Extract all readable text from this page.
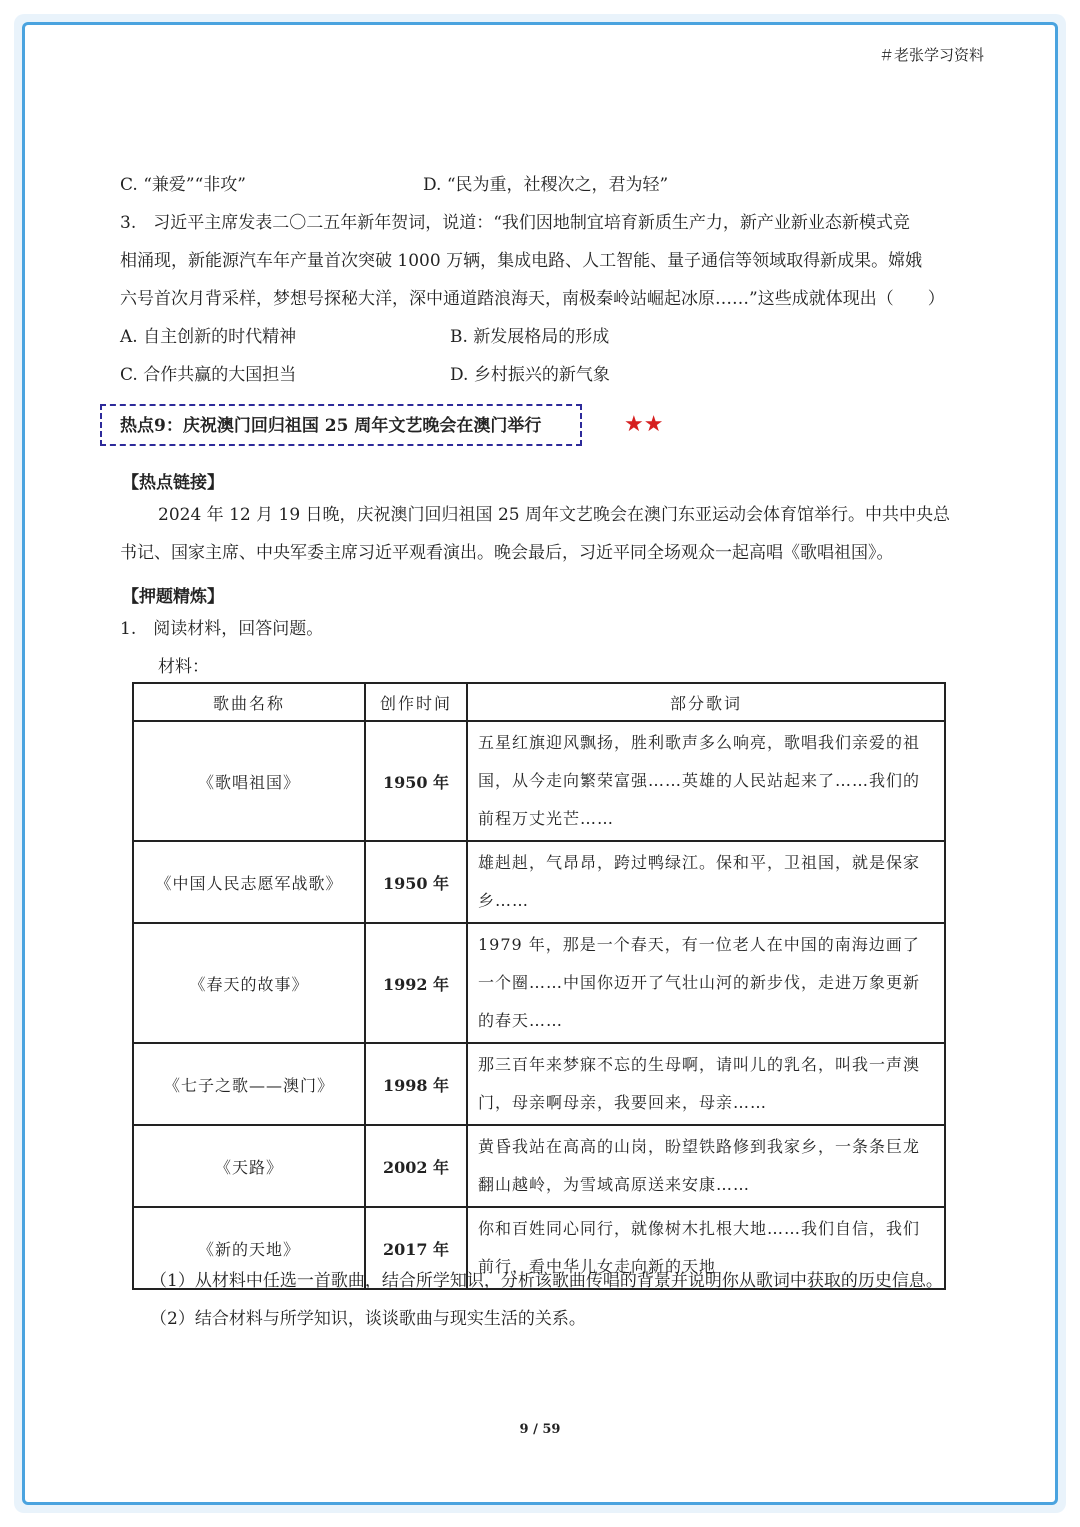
＃老张学习资料
C. “兼爱”“非攻”	D. “民为重，社稷次之，君为轻”
3.　习近平主席发表二〇二五年新年贺词，说道：“我们因地制宜培育新质生产力，新产业新业态新模式竞
相涌现，新能源汽车年产量首次突破 1000 万辆，集成电路、人工智能、量子通信等领域取得新成果。嫦娥
六号首次月背采样，梦想号探秘大洋，深中通道踏浪海天，南极秦岭站崛起冰原……”这些成就体现出（　　）
A. 自主创新的时代精神	B. 新发展格局的形成
C. 合作共赢的大国担当	D. 乡村振兴的新气象
热点9：庆祝澳门回归祖国 25 周年文艺晚会在澳门举行	★★
【热点链接】
2024 年 12 月 19 日晚，庆祝澳门回归祖国 25 周年文艺晚会在澳门东亚运动会体育馆举行。中共中央总
书记、国家主席、中央军委主席习近平观看演出。晚会最后，习近平同全场观众一起高唱《歌唱祖国》。
【押题精炼】
1.　阅读材料，回答问题。
材料：
歌曲名称	创作时间	部分歌词
《歌唱祖国》	1950 年	五星红旗迎风飘扬，胜利歌声多么响亮，歌唱我们亲爱的祖国，从今走向繁荣富强……英雄的人民站起来了……我们的前程万丈光芒……
《中国人民志愿军战歌》	1950 年	雄赳赳，气昂昂，跨过鸭绿江。保和平，卫祖国，就是保家乡……
《春天的故事》	1992 年	1979 年，那是一个春天，有一位老人在中国的南海边画了一个圈……中国你迈开了气壮山河的新步伐，走进万象更新的春天……
《七子之歌——澳门》	1998 年	那三百年来梦寐不忘的生母啊，请叫儿的乳名，叫我一声澳门，母亲啊母亲，我要回来，母亲……
《天路》	2002 年	黄昏我站在高高的山岗，盼望铁路修到我家乡，一条条巨龙翻山越岭，为雪域高原送来安康……
《新的天地》	2017 年	你和百姓同心同行，就像树木扎根大地……我们自信，我们前行，看中华儿女走向新的天地
（1）从材料中任选一首歌曲，结合所学知识，分析该歌曲传唱的背景并说明你从歌词中获取的历史信息。
（2）结合材料与所学知识，谈谈歌曲与现实生活的关系。
9 / 59
